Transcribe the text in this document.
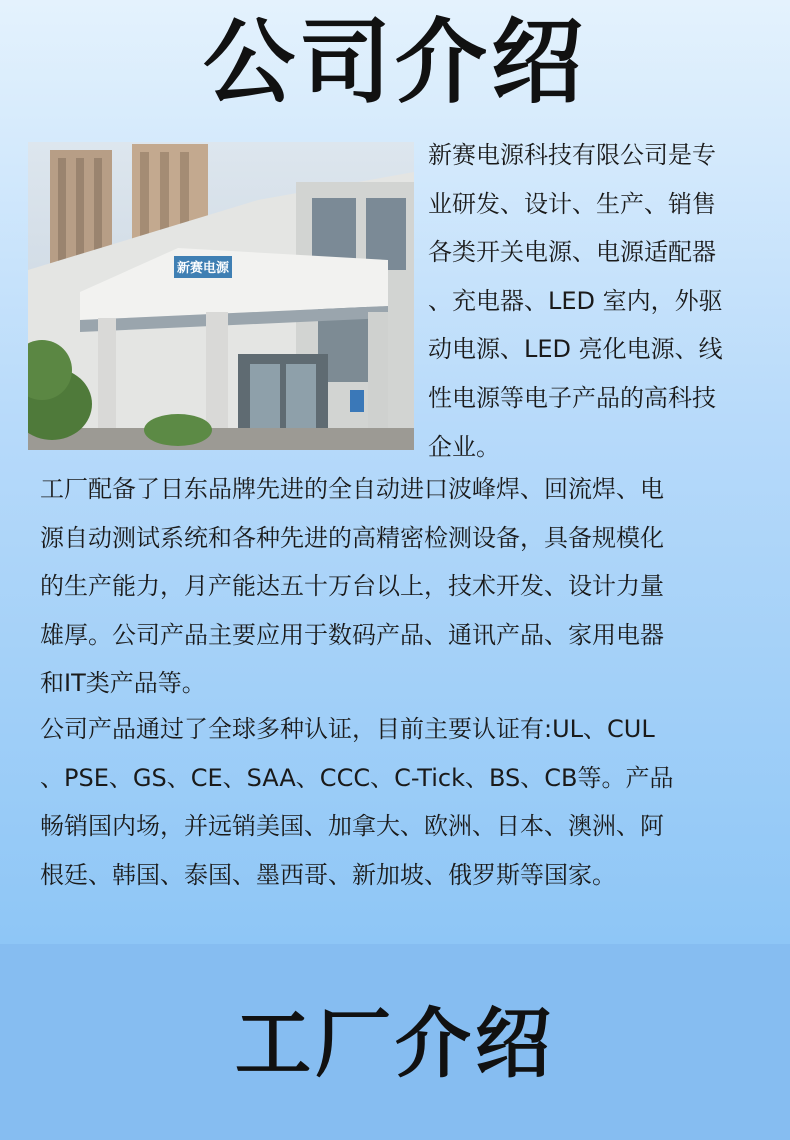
公司介绍
新赛电源
新赛电源科技有限公司是专
业研发、设计、生产、销售
各类开关电源、电源适配器
、充电器、LED 室内，外驱
动电源、LED 亮化电源、线
性电源等电子产品的高科技
企业。
工厂配备了日东品牌先进的全自动进口波峰焊、回流焊、电
源自动测试系统和各种先进的高精密检测设备，具备规模化
的生产能力，月产能达五十万台以上，技术开发、设计力量
雄厚。公司产品主要应用于数码产品、通讯产品、家用电器
和IT类产品等。
公司产品通过了全球多种认证，目前主要认证有:UL、CUL
、PSE、GS、CE、SAA、CCC、C-Tick、BS、CB等。产品
畅销国内场，并远销美国、加拿大、欧洲、日本、澳洲、阿
根廷、韩国、泰国、墨西哥、新加坡、俄罗斯等国家。
工厂介绍
